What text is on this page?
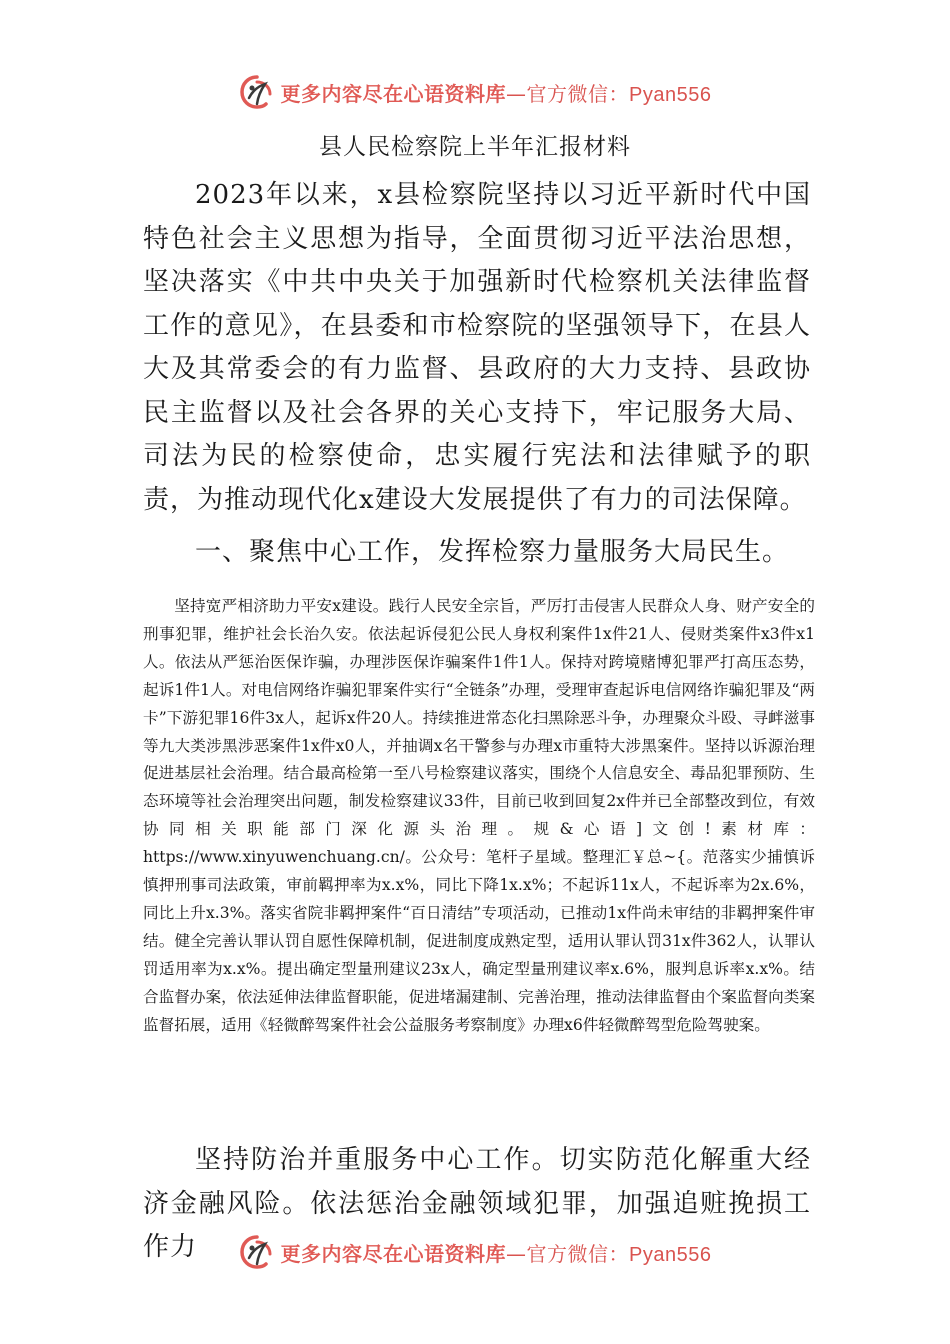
更多内容尽在心语资料库—官方微信：Pyan556
县人民检察院上半年汇报材料

2023年以来，x县检察院坚持以习近平新时代中国特色社会主义思想为指导，全面贯彻习近平法治思想，坚决落实《中共中央关于加强新时代检察机关法律监督工作的意见》，在县委和市检察院的坚强领导下，在县人大及其常委会的有力监督、县政府的大力支持、县政协民主监督以及社会各界的关心支持下，牢记服务大局、司法为民的检察使命，忠实履行宪法和法律赋予的职责，为推动现代化x建设大发展提供了有力的司法保障。

一、聚焦中心工作，发挥检察力量服务大局民生。

坚持宽严相济助力平安x建设。践行人民安全宗旨，严厉打击侵害人民群众人身、财产安全的刑事犯罪，维护社会长治久安。依法起诉侵犯公民人身权利案件1x件21人、侵财类案件x3件x1人。依法从严惩治医保诈骗，办理涉医保诈骗案件1件1人。保持对跨境赌博犯罪严打高压态势，起诉1件1人。对电信网络诈骗犯罪案件实行“全链条”办理，受理审查起诉电信网络诈骗犯罪及“两卡”下游犯罪16件3x人，起诉x件20人。持续推进常态化扫黑除恶斗争，办理聚众斗殴、寻衅滋事等九大类涉黑涉恶案件1x件x0人，并抽调x名干警参与办理x市重特大涉黑案件。坚持以诉源治理促进基层社会治理。结合最高检第一至八号检察建议落实，围绕个人信息安全、毒品犯罪预防、生态环境等社会治理突出问题，制发检察建议33件，目前已收到回复2x件并已全部整改到位，有效协同相关职能部门深化源头治理。规&心语]文创!素材库：https://www.xinyuwenchuang.cn/。公众号：笔杆子星域。整理汇￥总~{。范落实少捕慎诉慎押刑事司法政策，审前羁押率为x.x%，同比下降1x.x%；不起诉11x人，不起诉率为2x.6%，同比上升x.3%。落实省院非羁押案件“百日清结”专项活动，已推动1x件尚未审结的非羁押案件审结。健全完善认罪认罚自愿性保障机制，促进制度成熟定型，适用认罪认罚31x件362人，认罪认罚适用率为x.x%。提出确定型量刑建议23x人，确定型量刑建议率x.6%，服判息诉率x.x%。结合监督办案，依法延伸法律监督职能，促进堵漏建制、完善治理，推动法律监督由个案监督向类案监督拓展，适用《轻微醉驾案件社会公益服务考察制度》办理x6件轻微醉驾型危险驾驶案。

坚持防治并重服务中心工作。切实防范化解重大经济金融风险。依法惩治金融领域犯罪，加强追赃挽损工作力	更多内容尽在心语资料库—官方微信：Pyan556
